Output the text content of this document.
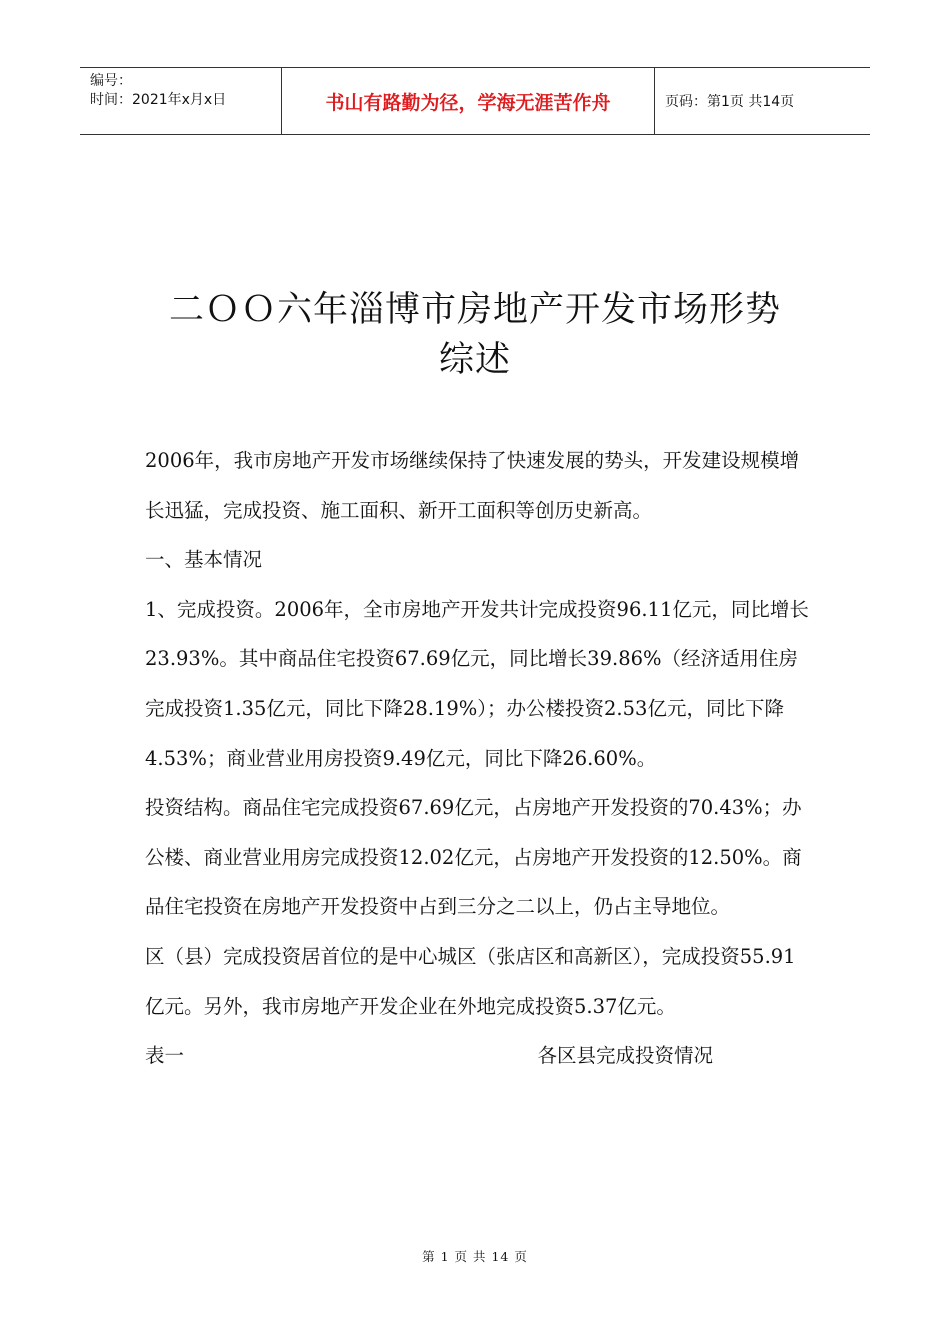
编号：
时间：2021年x月x日	书山有路勤为径，学海无涯苦作舟	页码：第1页 共14页
二ＯＯ六年淄博市房地产开发市场形势
综述

2006年，我市房地产开发市场继续保持了快速发展的势头，开发建设规模增长迅猛，完成投资、施工面积、新开工面积等创历史新高。

一、基本情况

1、完成投资。2006年，全市房地产开发共计完成投资96.11亿元，同比增长23.93%。其中商品住宅投资67.69亿元，同比增长39.86%（经济适用住房完成投资1.35亿元，同比下降28.19%）；办公楼投资2.53亿元，同比下降4.53%；商业营业用房投资9.49亿元，同比下降26.60%。

投资结构。商品住宅完成投资67.69亿元，占房地产开发投资的70.43%；办公楼、商业营业用房完成投资12.02亿元，占房地产开发投资的12.50%。商品住宅投资在房地产开发投资中占到三分之二以上，仍占主导地位。

区（县）完成投资居首位的是中心城区（张店区和高新区），完成投资55.91亿元。另外，我市房地产开发企业在外地完成投资5.37亿元。

表一	各区县完成投资情况
第 1 页 共 14 页
